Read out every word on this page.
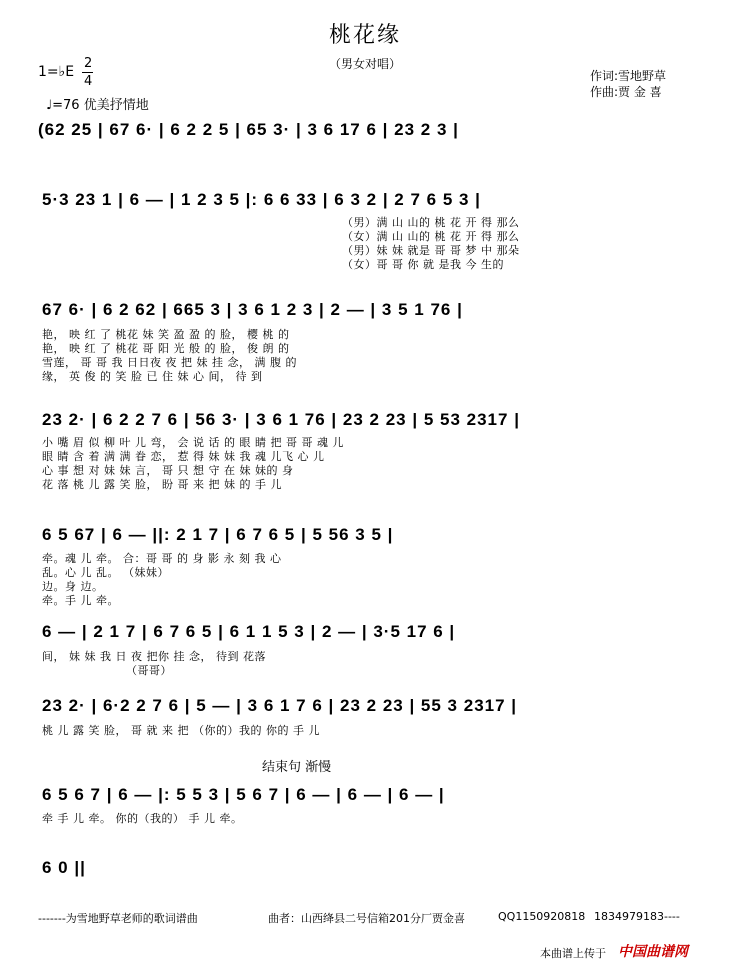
桃花缘
（男女对唱）
1=♭E
2
4
♩=76 优美抒情地
作词:雪地野草
作曲:贾 金 喜
(62 25 | 67 6· | 6 2 2 5 | 65 3· | 3 6 17 6 | 23 2 3 |
5·3 23 1 | 6 — | 1 2 3 5 |: 6 6 33 | 6 3 2 | 2 7 6 5 3 |
（男）满 山 山的 桃 花 开 得 那么
（女）满 山 山的 桃 花 开 得 那么
（男）妹 妹 就是 哥 哥 梦 中 那朵
（女）哥 哥 你 就 是我 今 生的
67 6· | 6 2 62 | 665 3 | 3 6 1 2 3 | 2 — | 3 5 1 76 |
艳， 映 红 了 桃花 妹 笑 盈 盈 的 脸， 樱 桃 的
艳， 映 红 了 桃花 哥 阳 光 般 的 脸， 俊 朗 的
雪莲， 哥 哥 我 日日夜 夜 把 妹 挂 念， 满 腹 的
缘， 英 俊 的 笑 脸 已 住 妹 心 间， 待 到
23 2· | 6 2 2 7 6 | 56 3· | 3 6 1 76 | 23 2 23 | 5 53 2317 |
小 嘴 眉 似 柳 叶 儿 弯， 会 说 话 的 眼 睛 把 哥 哥 魂 儿
眼 睛 含 着 满 满 眷 恋， 惹 得 妹 妹 我 魂 儿飞 心 儿
心 事 想 对 妹 妹 言， 哥 只 想 守 在 妹 妹的 身
花 落 桃 儿 露 笑 脸， 盼 哥 来 把 妹 的 手 儿
6 5 67 | 6 — ||: 2 1 7 | 6 7 6 5 | 5 56 3 5 |
牵。魂 儿 牵。 合：哥 哥 的 身 影 永 刻 我 心
乱。心 儿 乱。 （妹妹）
边。身 边。
牵。手 儿 牵。
6 — | 2 1 7 | 6 7 6 5 | 6 1 1 5 3 | 2 — | 3·5 17 6 |
间， 妹 妹 我 日 夜 把你 挂 念， 待到 花落
（哥哥）
23 2· | 6·2 2 7 6 | 5 — | 3 6 1 7 6 | 23 2 23 | 55 3 2317 |
桃 儿 露 笑 脸， 哥 就 来 把 （你的）我的 你的 手 儿
结束句 渐慢
6 5 6 7 | 6 — |: 5 5 3 | 5 6 7 | 6 — | 6 — | 6 — |
牵 手 儿 牵。 你的（我的） 手 儿 牵。
6 0 ||
-------为雪地野草老师的歌词谱曲	曲者：山西绛县二号信箱201分厂贾金喜	QQ1150920818 1834979183----
本曲谱上传于 中国曲谱网
